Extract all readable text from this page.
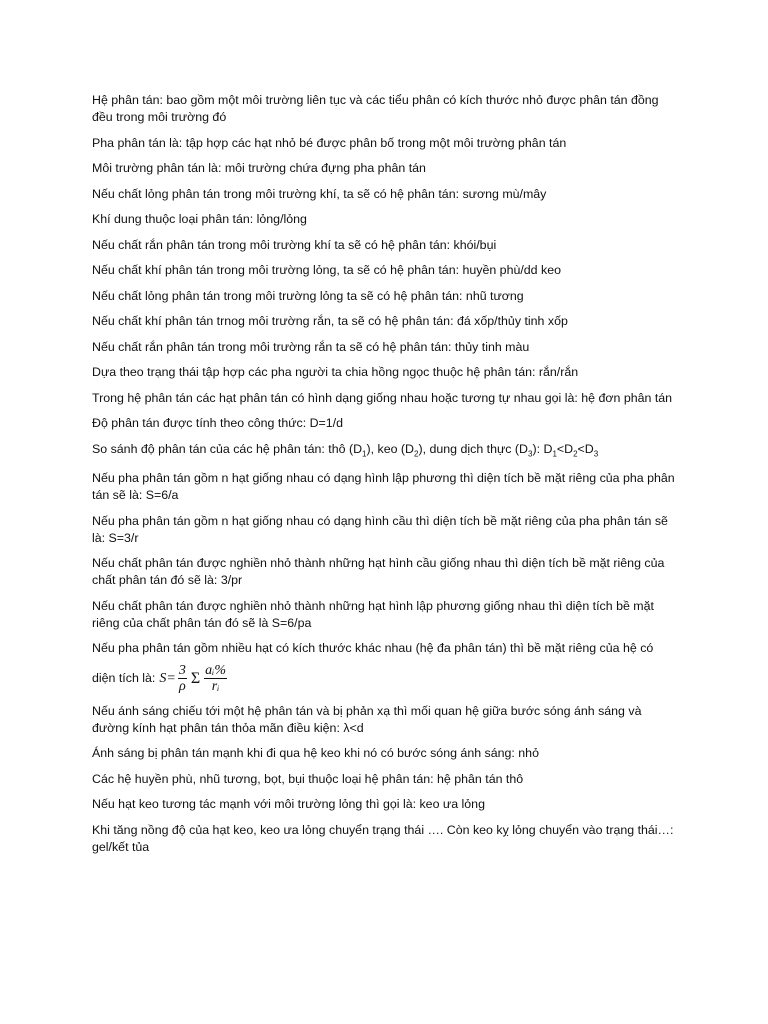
Hệ phân tán: bao gồm một môi trường liên tục và các tiểu phân có kích thước nhỏ được phân tán đồng đều trong môi trường đó

Pha phân tán là: tập hợp các hạt nhỏ bé được phân bố trong một môi trường phân tán

Môi trường phân tán là: môi trường chứa đựng pha phân tán

Nếu chất lỏng phân tán trong môi trường khí, ta sẽ có hệ phân tán: sương mù/mây

Khí dung thuộc loại phân tán: lỏng/lỏng

Nếu chất rắn phân tán trong môi trường khí ta sẽ có hệ phân tán: khói/bụi

Nếu chất khí phân tán trong môi trường lỏng, ta sẽ có hệ phân tán: huyền phù/dd keo

Nếu chất lỏng phân tán trong môi trường lỏng ta sẽ có hệ phân tán: nhũ tương

Nếu chất khí phân tán trnog môi trường rắn, ta sẽ có hệ phân tán: đá xốp/thủy tinh xốp

Nếu chất rắn phân tán trong môi trường rắn ta sẽ có hệ phân tán: thủy tinh màu

Dựa theo trạng thái tập hợp các pha người ta chia hồng ngọc thuộc hệ phân tán: rắn/rắn

Trong hệ phân tán các hạt phân tán có hình dạng giống nhau hoặc tương tự nhau gọi là: hệ đơn phân tán

Độ phân tán được tính theo công thức: D=1/d

So sánh độ phân tán của các hệ phân tán: thô $(D_1)$, keo $(D_2)$, dung dịch thực $(D_3)$: $D_1<D_2<D_3$

Nếu pha phân tán gồm n hạt giống nhau có dạng hình lập phương thì diện tích bề mặt riêng của pha phân tán sẽ là: S=6/a

Nếu pha phân tán gồm n hạt giống nhau có dạng hình cầu thì diện tích bề mặt riêng của pha phân tán sẽ là: S=3/r

Nếu chất phân tán được nghiền nhỏ thành những hạt hình cầu giống nhau thì diện tích bề mặt riêng của chất phân tán đó sẽ là: 3/pr

Nếu chất phân tán được nghiền nhỏ thành những hạt hình lập phương giống nhau thì diện tích bề mặt riêng của chất phân tán đó sẽ là S=6/pa

Nếu pha phân tán gồm nhiều hạt có kích thước khác nhau (hệ đa phân tán) thì bề mặt riêng của hệ có

diện tích là: $S= \frac{3}{\rho}$ Σ $\frac{\text{aᵢ\%}}{\text{rᵢ}}$

Nếu ánh sáng chiếu tới một hệ phân tán và bị phản xạ thì mối quan hệ giữa bước sóng ánh sáng và đường kính hạt phân tán thỏa mãn điều kiện: λ<d

Ánh sáng bị phân tán mạnh khi đi qua hệ keo khi nó có bước sóng ánh sáng: nhỏ

Các hệ huyền phù, nhũ tương, bọt, bụi thuộc loại hệ phân tán: hệ phân tán thô

Nếu hạt keo tương tác mạnh với môi trường lỏng thì gọi là: keo ưa lỏng

Khi tăng nồng độ của hạt keo, keo ưa lỏng chuyển trạng thái …. Còn keo kỵ lỏng chuyển vào trạng thái…: gel/kết tủa
